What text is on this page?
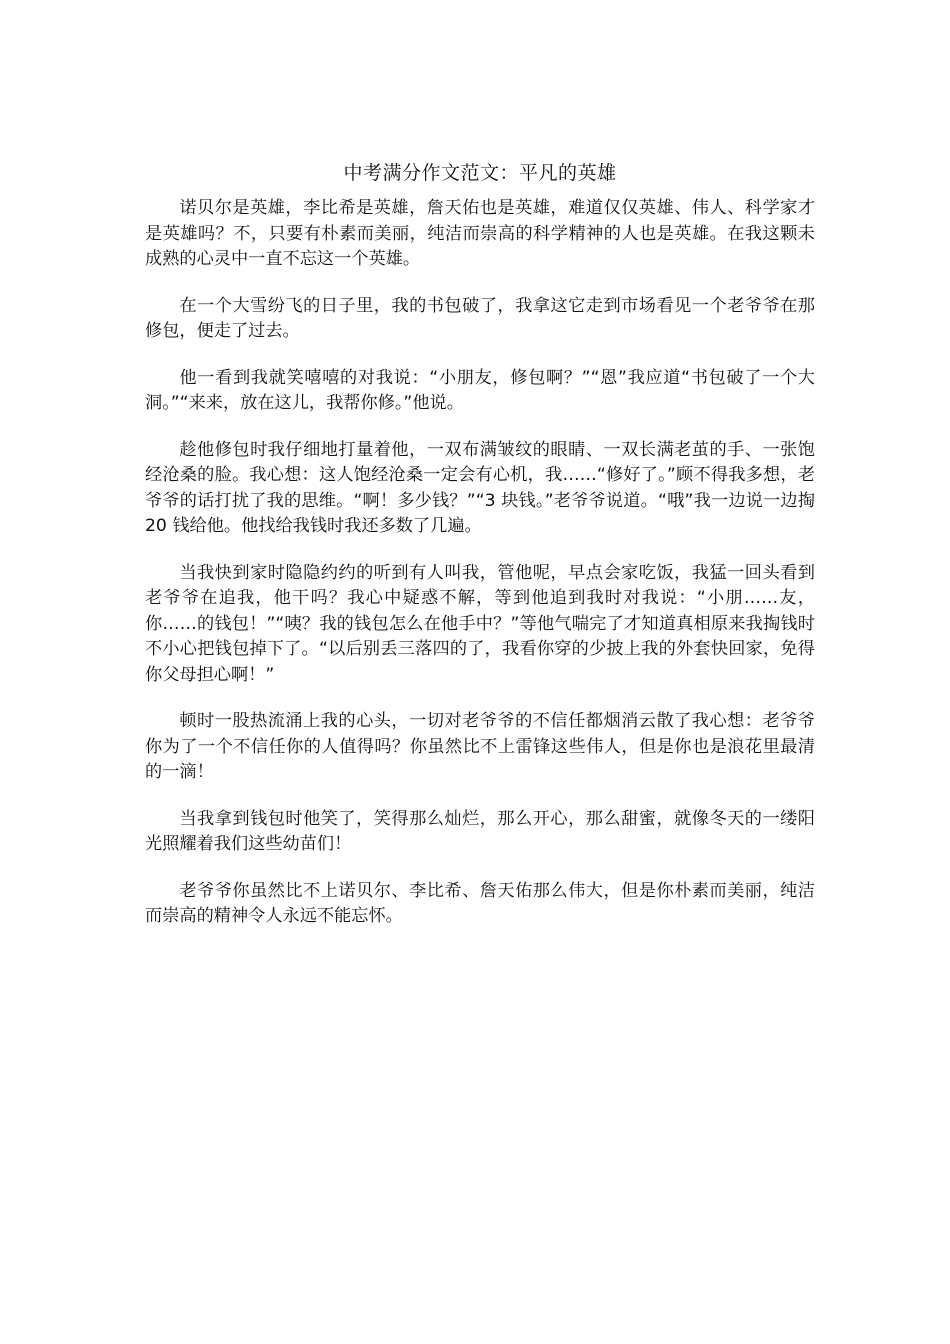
中考满分作文范文：平凡的英雄

诺贝尔是英雄，李比希是英雄，詹天佑也是英雄，难道仅仅英雄、伟人、科学家才是英雄吗？不，只要有朴素而美丽，纯洁而崇高的科学精神的人也是英雄。在我这颗未成熟的心灵中一直不忘这一个英雄。

在一个大雪纷飞的日子里，我的书包破了，我拿这它走到市场看见一个老爷爷在那修包，便走了过去。

他一看到我就笑嘻嘻的对我说：“小朋友，修包啊？”“恩”我应道“书包破了一个大洞。”“来来，放在这儿，我帮你修。”他说。

趁他修包时我仔细地打量着他，一双布满皱纹的眼睛、一双长满老茧的手、一张饱经沧桑的脸。我心想：这人饱经沧桑一定会有心机，我……“修好了。”顾不得我多想，老爷爷的话打扰了我的思维。“啊！多少钱？”“3 块钱。”老爷爷说道。“哦”我一边说一边掏 20 钱给他。他找给我钱时我还多数了几遍。

当我快到家时隐隐约约的听到有人叫我，管他呢，早点会家吃饭，我猛一回头看到老爷爷在追我，他干吗？我心中疑惑不解，等到他追到我时对我说：“小朋……友，你……的钱包！”“咦？我的钱包怎么在他手中？”等他气喘完了才知道真相原来我掏钱时不小心把钱包掉下了。“以后别丢三落四的了，我看你穿的少披上我的外套快回家，免得你父母担心啊！”

顿时一股热流涌上我的心头，一切对老爷爷的不信任都烟消云散了我心想：老爷爷你为了一个不信任你的人值得吗？你虽然比不上雷锋这些伟人，但是你也是浪花里最清的一滴！

当我拿到钱包时他笑了，笑得那么灿烂，那么开心，那么甜蜜，就像冬天的一缕阳光照耀着我们这些幼苗们！

老爷爷你虽然比不上诺贝尔、李比希、詹天佑那么伟大，但是你朴素而美丽，纯洁而崇高的精神令人永远不能忘怀。
